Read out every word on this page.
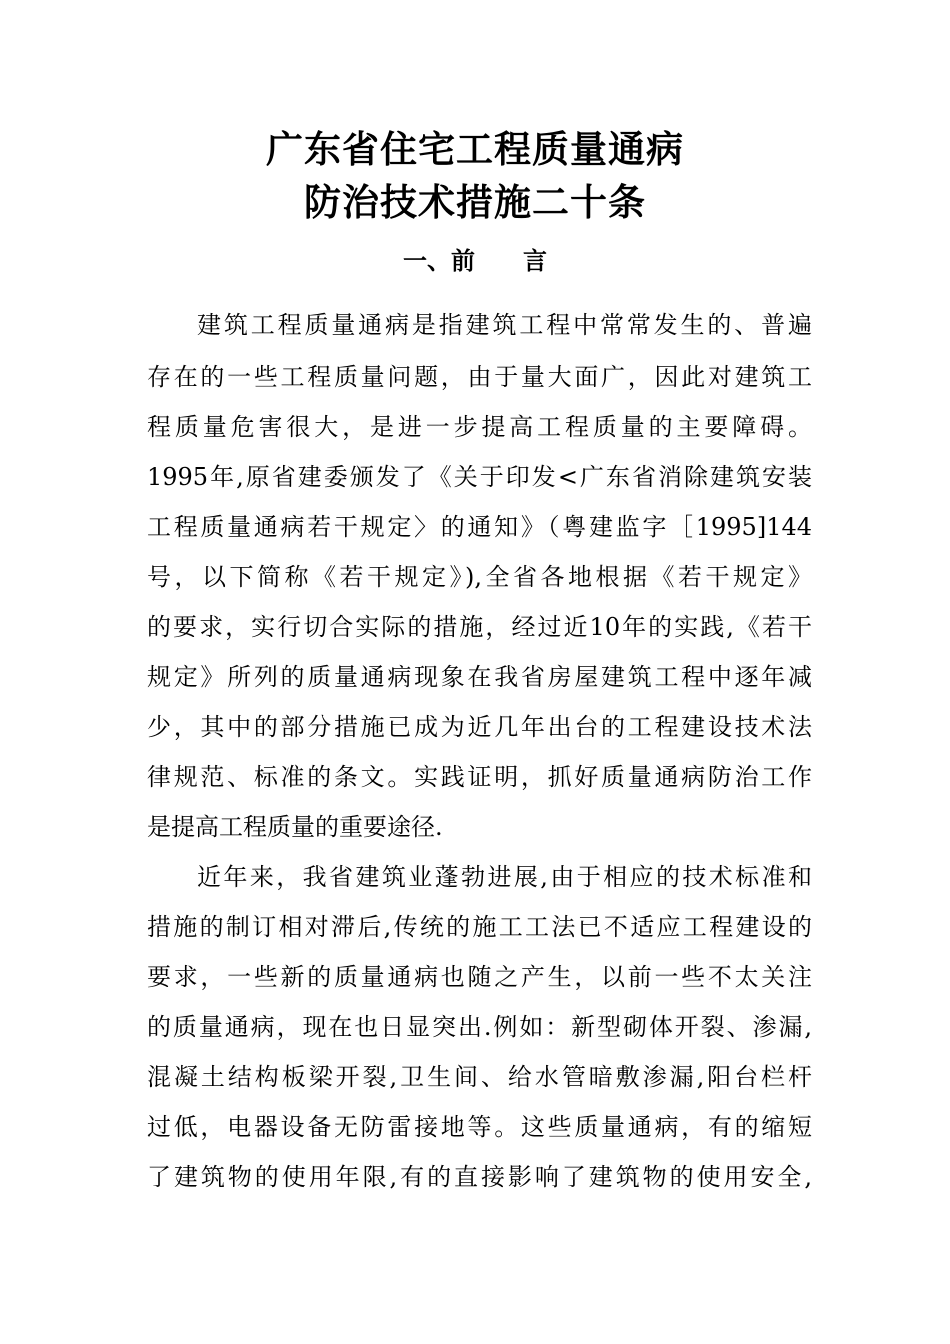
广东省住宅工程质量通病
防治技术措施二十条
一、前 言

建筑工程质量通病是指建筑工程中常常发生的、普遍

存在的一些工程质量问题，由于量大面广，因此对建筑工

程质量危害很大，是进一步提高工程质量的主要障碍。

1995年,原省建委颁发了《关于印发<广东省消除建筑安装

工程质量通病若干规定〉的通知》（粤建监字［1995]144

号，以下简称《若干规定》),全省各地根据《若干规定》

的要求，实行切合实际的措施，经过近10年的实践,《若干

规定》所列的质量通病现象在我省房屋建筑工程中逐年减

少，其中的部分措施已成为近几年出台的工程建设技术法

律规范、标准的条文。实践证明，抓好质量通病防治工作

是提高工程质量的重要途径.

近年来，我省建筑业蓬勃进展,由于相应的技术标准和

措施的制订相对滞后,传统的施工工法已不适应工程建设的

要求，一些新的质量通病也随之产生，以前一些不太关注

的质量通病，现在也日显突出.例如：新型砌体开裂、渗漏,

混凝土结构板梁开裂,卫生间、给水管暗敷渗漏,阳台栏杆

过低，电器设备无防雷接地等。这些质量通病，有的缩短

了建筑物的使用年限,有的直接影响了建筑物的使用安全,
